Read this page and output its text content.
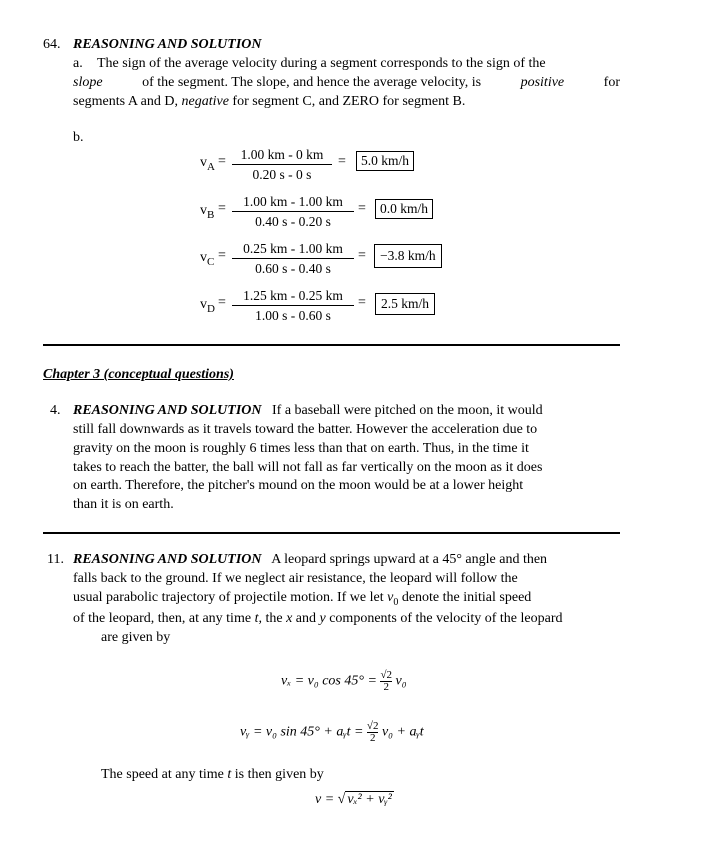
64. REASONING AND SOLUTION
a. The sign of the average velocity during a segment corresponds to the sign of the
slope	of the segment. The slope, and hence the average velocity, is	positive	for
segments A and D, negative for segment C, and ZERO for segment B.
b.
$v_A$ =	1.00 km - 0 km
0.20 s - 0 s
=	5.0 km/h
$v_B$ =	1.00 km - 1.00 km
0.40 s - 0.20 s
=	0.0 km/h
$v_C$ =	0.25 km - 1.00 km
0.60 s - 0.40 s
=	−3.8 km/h
$v_D$ =	1.25 km - 0.25 km
1.00 s - 0.60 s
=	2.5 km/h
Chapter 3 (conceptual questions)
4. REASONING AND SOLUTION If a baseball were pitched on the moon, it would
still fall downwards as it travels toward the batter. However the acceleration due to
gravity on the moon is roughly 6 times less than that on earth. Thus, in the time it
takes to reach the batter, the ball will not fall as far vertically on the moon as it does
on earth. Therefore, the pitcher's mound on the moon would be at a lower height
than it is on earth.
11. REASONING AND SOLUTION A leopard springs upward at a 45° angle and then
falls back to the ground. If we neglect air resistance, the leopard will follow the
usual parabolic trajectory of projectile motion. If we let $v_0$ denote the initial speed
of the leopard, then, at any time t, the x and y components of the velocity of the leopard
are given by
vₓ = v₀ $\cos 45^\circ = \frac{√2}{2} v_0$
vᵧ = v₀ sin 45° + aᵧt = $\frac{√2}{2} v_0$ + aᵧt
The speed at any time t is then given by
v = √ vₓ² + vᵧ²
